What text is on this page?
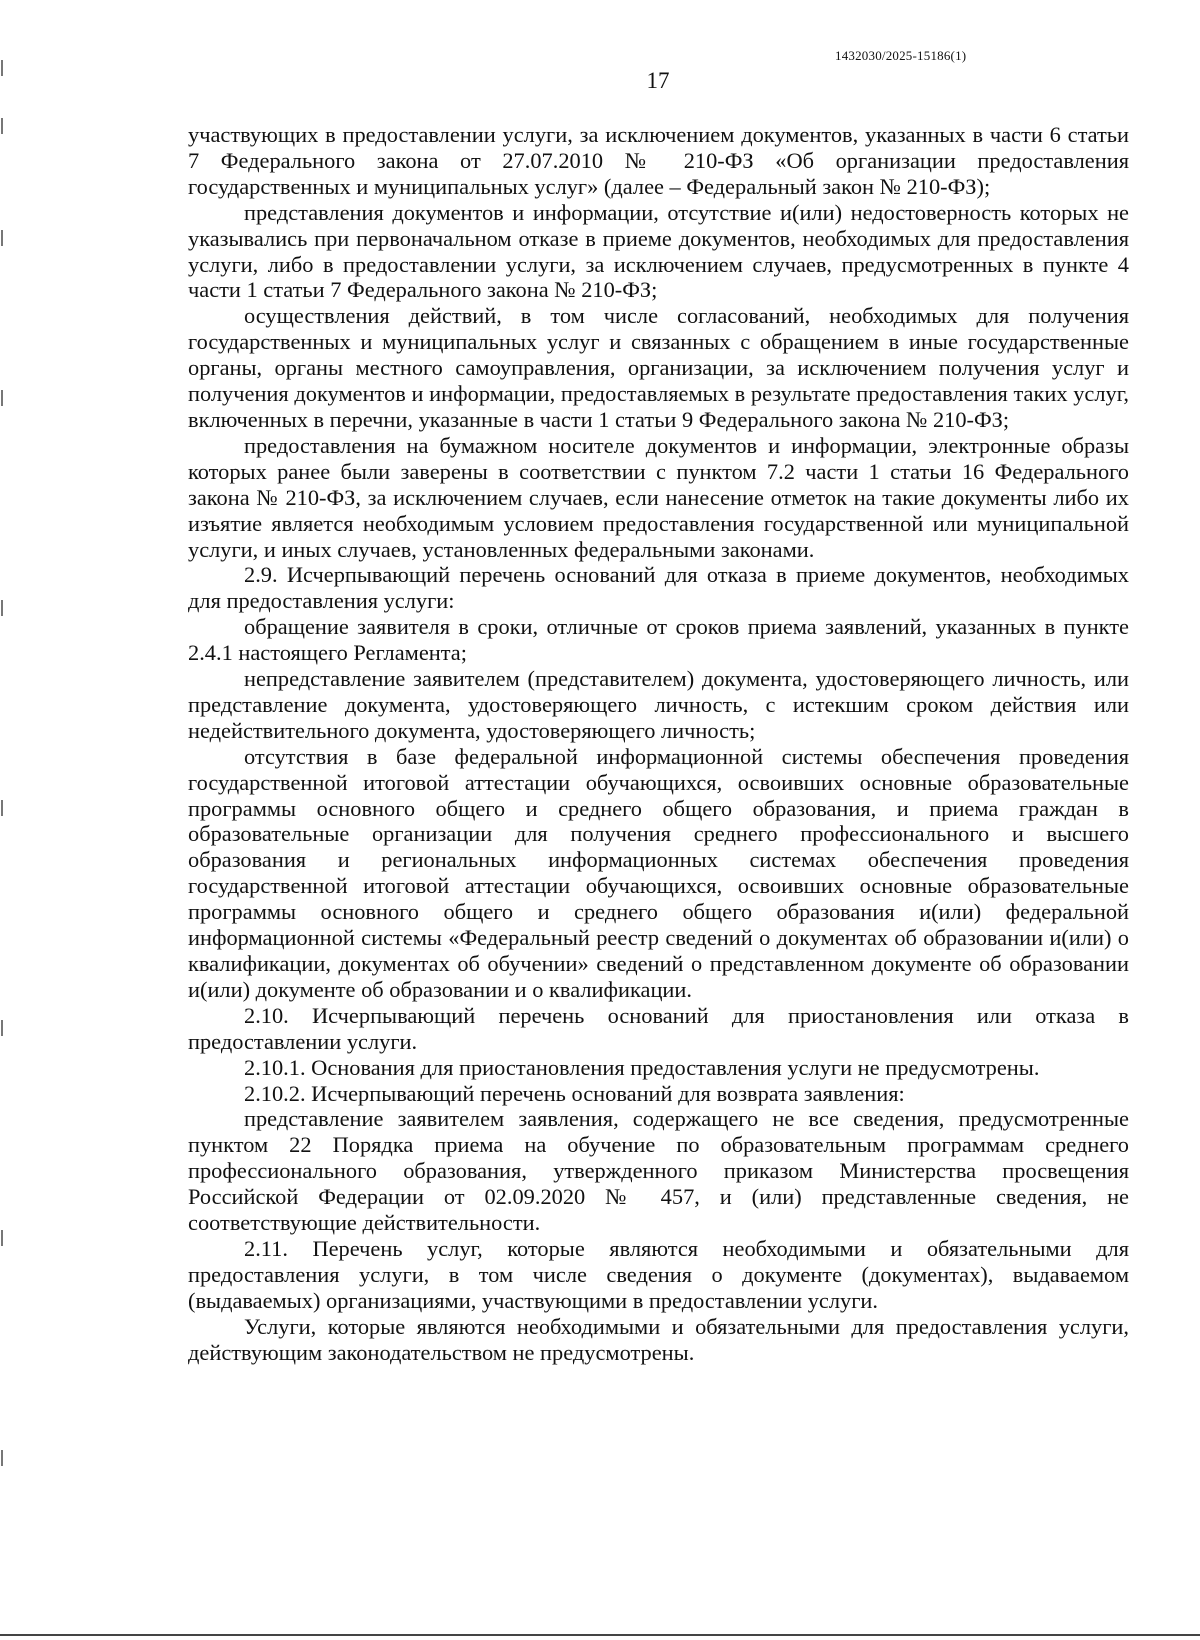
1432030/2025-15186(1)
17

участвующих в предоставлении услуги, за исключением документов, указанных в части 6 статьи 7 Федерального закона от 27.07.2010 № 210-ФЗ «Об организации предоставления государственных и муниципальных услуг» (далее – Федеральный закон № 210-ФЗ);

представления документов и информации, отсутствие и(или) недостоверность которых не указывались при первоначальном отказе в приеме документов, необходимых для предоставления услуги, либо в предоставлении услуги, за исключением случаев, предусмотренных в пункте 4 части 1 статьи 7 Федерального закона № 210-ФЗ;

осуществления действий, в том числе согласований, необходимых для получения государственных и муниципальных услуг и связанных с обращением в иные государственные органы, органы местного самоуправления, организации, за исключением получения услуг и получения документов и информации, предоставляемых в результате предоставления таких услуг, включенных в перечни, указанные в части 1 статьи 9 Федерального закона № 210-ФЗ;

предоставления на бумажном носителе документов и информации, электронные образы которых ранее были заверены в соответствии с пунктом 7.2 части 1 статьи 16 Федерального закона № 210-ФЗ, за исключением случаев, если нанесение отметок на такие документы либо их изъятие является необходимым условием предоставления государственной или муниципальной услуги, и иных случаев, установленных федеральными законами.

2.9. Исчерпывающий перечень оснований для отказа в приеме документов, необходимых для предоставления услуги:

обращение заявителя в сроки, отличные от сроков приема заявлений, указанных в пункте 2.4.1 настоящего Регламента;

непредставление заявителем (представителем) документа, удостоверяющего личность, или представление документа, удостоверяющего личность, с истекшим сроком действия или недействительного документа, удостоверяющего личность;

отсутствия в базе федеральной информационной системы обеспечения проведения государственной итоговой аттестации обучающихся, освоивших основные образовательные программы основного общего и среднего общего образования, и приема граждан в образовательные организации для получения среднего профессионального и высшего образования и региональных информационных системах обеспечения проведения государственной итоговой аттестации обучающихся, освоивших основные образовательные программы основного общего и среднего общего образования и(или) федеральной информационной системы «Федеральный реестр сведений о документах об образовании и(или) о квалификации, документах об обучении» сведений о представленном документе об образовании и(или) документе об образовании и о квалификации.

2.10. Исчерпывающий перечень оснований для приостановления или отказа в предоставлении услуги.

2.10.1. Основания для приостановления предоставления услуги не предусмотрены.

2.10.2. Исчерпывающий перечень оснований для возврата заявления:

представление заявителем заявления, содержащего не все сведения, предусмотренные пунктом 22 Порядка приема на обучение по образовательным программам среднего профессионального образования, утвержденного приказом Министерства просвещения Российской Федерации от 02.09.2020 № 457, и (или) представленные сведения, не соответствующие действительности.

2.11. Перечень услуг, которые являются необходимыми и обязательными для предоставления услуги, в том числе сведения о документе (документах), выдаваемом (выдаваемых) организациями, участвующими в предоставлении услуги.

Услуги, которые являются необходимыми и обязательными для предоставления услуги, действующим законодательством не предусмотрены.
